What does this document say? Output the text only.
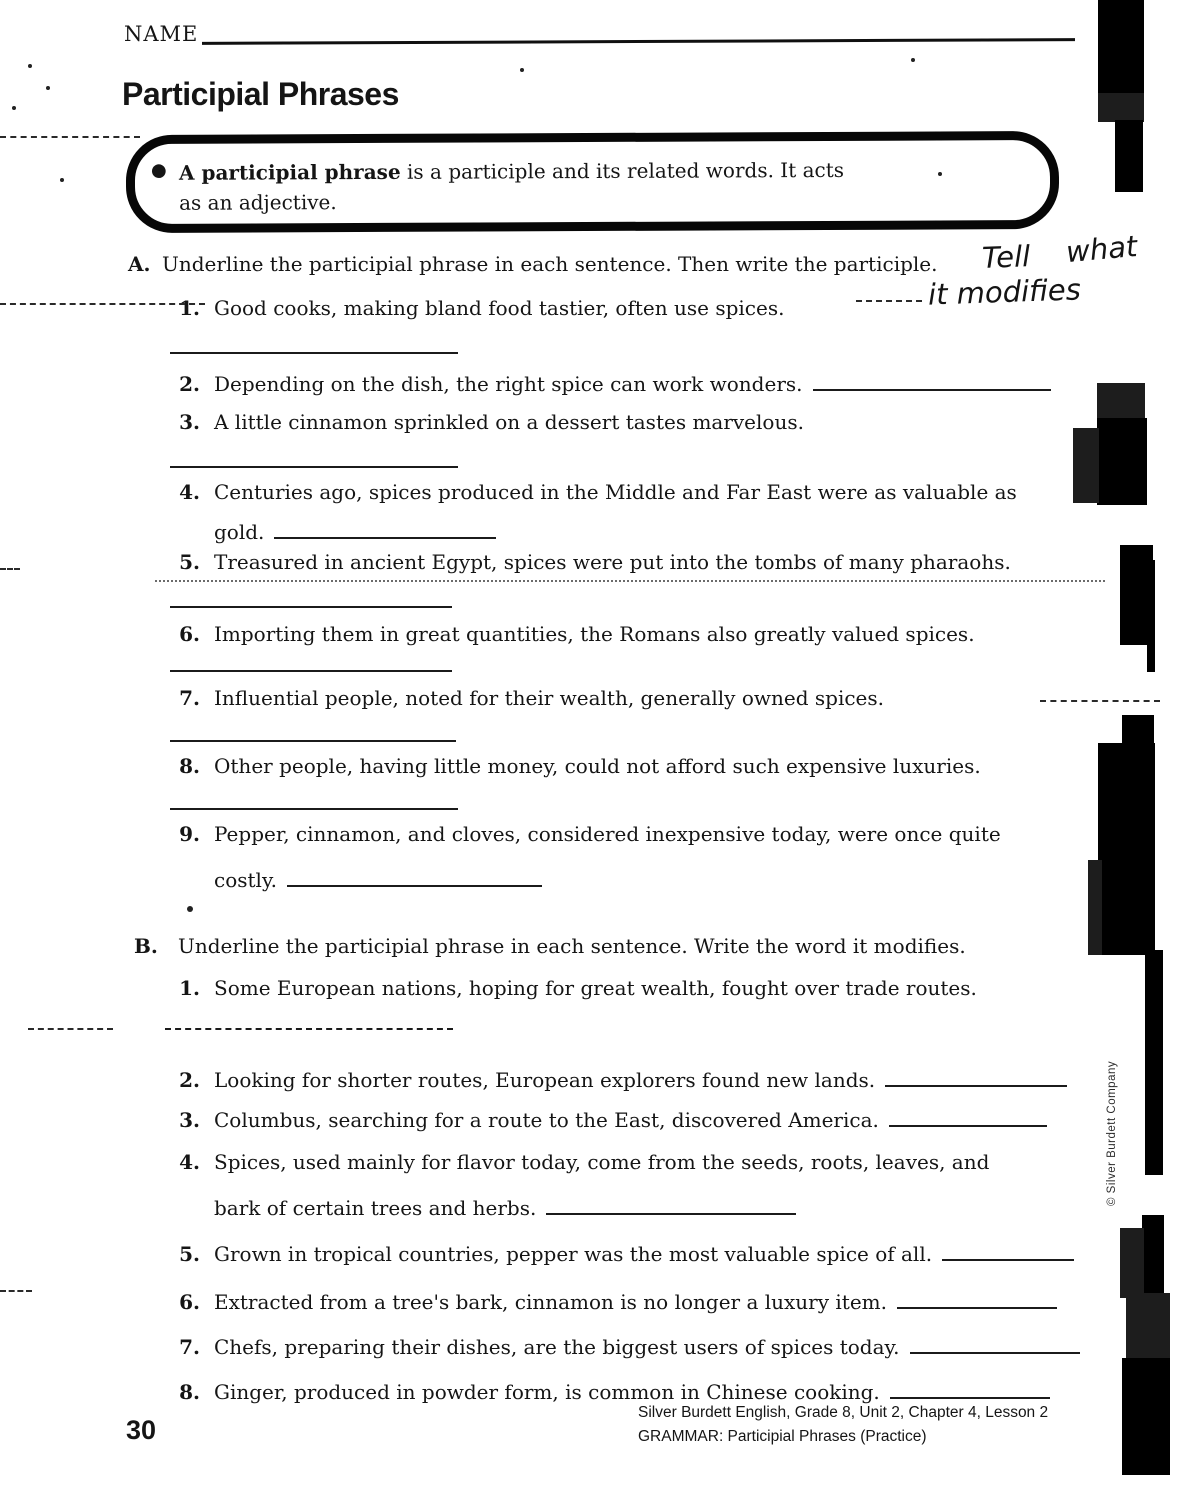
NAME
Participial Phrases
● A participial phrase is a participle and its related words. It acts
as an adjective.
A. Underline the participial phrase in each sentence. Then write the participle. Tell what
it modifies
1. Good cooks, making bland food tastier, often use spices.
2. Depending on the dish, the right spice can work wonders.
3. A little cinnamon sprinkled on a dessert tastes marvelous.
4. Centuries ago, spices produced in the Middle and Far East were as valuable as
gold.
5. Treasured in ancient Egypt, spices were put into the tombs of many pharaohs.
6. Importing them in great quantities, the Romans also greatly valued spices.
7. Influential people, noted for their wealth, generally owned spices.
8. Other people, having little money, could not afford such expensive luxuries.
9. Pepper, cinnamon, and cloves, considered inexpensive today, were once quite
costly.
B. Underline the participial phrase in each sentence. Write the word it modifies.
1. Some European nations, hoping for great wealth, fought over trade routes.
2. Looking for shorter routes, European explorers found new lands.
3. Columbus, searching for a route to the East, discovered America.
4. Spices, used mainly for flavor today, come from the seeds, roots, leaves, and
bark of certain trees and herbs.
5. Grown in tropical countries, pepper was the most valuable spice of all.
6. Extracted from a tree's bark, cinnamon is no longer a luxury item.
7. Chefs, preparing their dishes, are the biggest users of spices today.
8. Ginger, produced in powder form, is common in Chinese cooking.
30
Silver Burdett English, Grade 8, Unit 2, Chapter 4, Lesson 2
GRAMMAR: Participial Phrases (Practice)
© Silver Burdett Company
